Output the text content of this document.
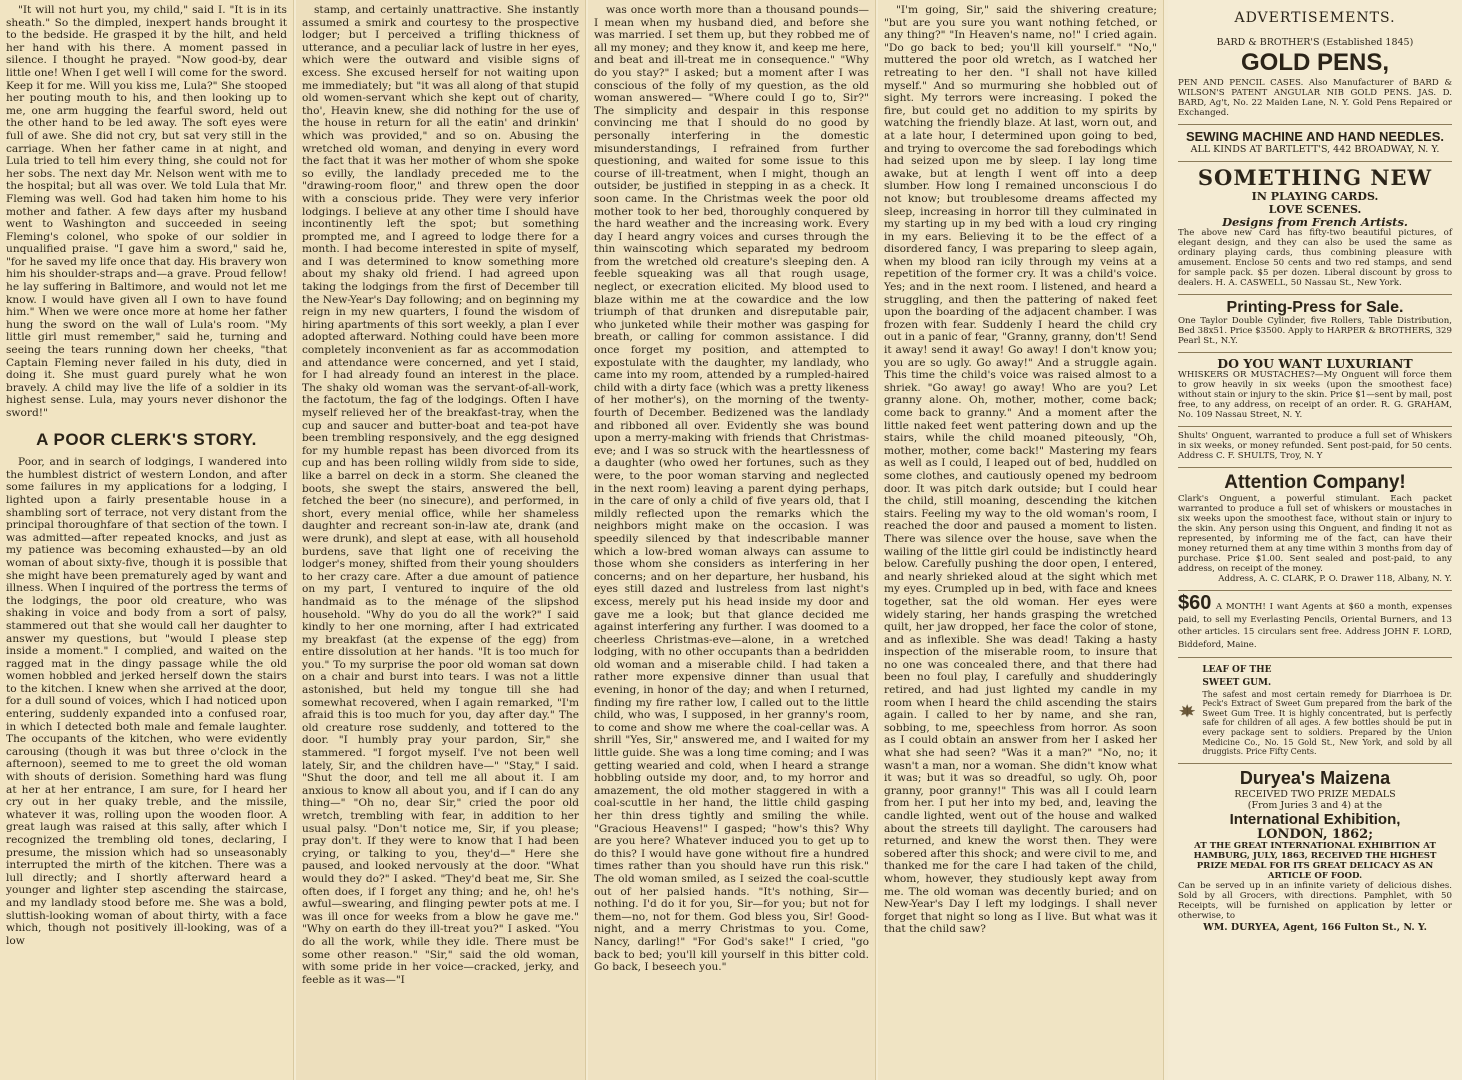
"It will not hurt you, my child," said I. "It is in its sheath." So the dimpled, inexpert hands brought it to the bedside. He grasped it by the hilt, and held her hand with his there. A moment passed in silence. I thought he prayed. "Now good-by, dear little one! When I get well I will come for the sword. Keep it for me. Will you kiss me, Lula?" She stooped her pouting mouth to his, and then looking up to me, one arm hugging the fearful sword, held out the other hand to be led away. The soft eyes were full of awe. She did not cry, but sat very still in the carriage. When her father came in at night, and Lula tried to tell him every thing, she could not for her sobs. The next day Mr. Nelson went with me to the hospital; but all was over. We told Lula that Mr. Fleming was well. God had taken him home to his mother and father. A few days after my husband went to Washington and succeeded in seeing Fleming's colonel, who spoke of our soldier in unqualified praise. "I gave him a sword," said he, "for he saved my life once that day. His bravery won him his shoulder-straps and—a grave. Proud fellow! he lay suffering in Baltimore, and would not let me know. I would have given all I own to have found him." When we were once more at home her father hung the sword on the wall of Lula's room. "My little girl must remember," said he, turning and seeing the tears running down her cheeks, "that Captain Fleming never failed in his duty, died in doing it. She must guard purely what he won bravely. A child may live the life of a soldier in its highest sense. Lula, may yours never dishonor the sword!"

A POOR CLERK'S STORY.

Poor, and in search of lodgings, I wandered into the humblest district of western London, and after some failures in my applications for a lodging, I lighted upon a fairly presentable house in a shambling sort of terrace, not very distant from the principal thoroughfare of that section of the town. I was admitted—after repeated knocks, and just as my patience was becoming exhausted—by an old woman of about sixty-five, though it is possible that she might have been prematurely aged by want and illness. When I inquired of the portress the terms of the lodgings, the poor old creature, who was shaking in voice and body from a sort of palsy, stammered out that she would call her daughter to answer my questions, but "would I please step inside a moment." I complied, and waited on the ragged mat in the dingy passage while the old women hobbled and jerked herself down the stairs to the kitchen. I knew when she arrived at the door, for a dull sound of voices, which I had noticed upon entering, suddenly expanded into a confused roar, in which I detected both male and female laughter. The occupants of the kitchen, who were evidently carousing (though it was but three o'clock in the afternoon), seemed to me to greet the old woman with shouts of derision. Something hard was flung at her at her entrance, I am sure, for I heard her cry out in her quaky treble, and the missile, whatever it was, rolling upon the wooden floor. A great laugh was raised at this sally, after which I recognized the trembling old tones, declaring, I presume, the mission which had so unseasonably interrupted the mirth of the kitchen. There was a lull directly; and I shortly afterward heard a younger and lighter step ascending the staircase, and my landlady stood before me. She was a bold, sluttish-looking woman of about thirty, with a face which, though not positively ill-looking, was of a low

stamp, and certainly unattractive. She instantly assumed a smirk and courtesy to the prospective lodger; but I perceived a trifling thickness of utterance, and a peculiar lack of lustre in her eyes, which were the outward and visible signs of excess. She excused herself for not waiting upon me immediately; but "it was all along of that stupid old women-servant which she kept out of charity, tho', Heavin knew, she did nothing for the use of the house in return for all the eatin' and drinkin' which was provided," and so on. Abusing the wretched old woman, and denying in every word the fact that it was her mother of whom she spoke so evilly, the landlady preceded me to the "drawing-room floor," and threw open the door with a conscious pride. They were very inferior lodgings. I believe at any other time I should have incontinently left the spot; but something prompted me, and I agreed to lodge there for a month. I had become interested in spite of myself, and I was determined to know something more about my shaky old friend. I had agreed upon taking the lodgings from the first of December till the New-Year's Day following; and on beginning my reign in my new quarters, I found the wisdom of hiring apartments of this sort weekly, a plan I ever adopted afterward. Nothing could have been more completely inconvenient as far as accommodation and attendance were concerned, and yet I staid, for I had already found an interest in the place. The shaky old woman was the servant-of-all-work, the factotum, the fag of the lodgings. Often I have myself relieved her of the breakfast-tray, when the cup and saucer and butter-boat and tea-pot have been trembling responsively, and the egg designed for my humble repast has been divorced from its cup and has been rolling wildly from side to side, like a barrel on deck in a storm. She cleaned the boots, she swept the stairs, answered the bell, fetched the beer (no sinecure), and performed, in short, every menial office, while her shameless daughter and recreant son-in-law ate, drank (and were drunk), and slept at ease, with all household burdens, save that light one of receiving the lodger's money, shifted from their young shoulders to her crazy care. After a due amount of patience on my part, I ventured to inquire of the old handmaid as to the ménage of the slipshod household. "Why do you do all the work?" I said kindly to her one morning, after I had extricated my breakfast (at the expense of the egg) from entire dissolution at her hands. "It is too much for you." To my surprise the poor old woman sat down on a chair and burst into tears. I was not a little astonished, but held my tongue till she had somewhat recovered, when I again remarked, "I'm afraid this is too much for you, day after day." The old creature rose suddenly, and tottered to the door. "I humbly pray your pardon, Sir," she stammered. "I forgot myself. I've not been well lately, Sir, and the children have—" "Stay," I said. "Shut the door, and tell me all about it. I am anxious to know all about you, and if I can do any thing—" "Oh no, dear Sir," cried the poor old wretch, trembling with fear, in addition to her usual palsy. "Don't notice me, Sir, if you please; pray don't. If they were to know that I had been crying, or talking to you, they'd—" Here she paused, and looked nervously at the door. "What would they do?" I asked. "They'd beat me, Sir. She often does, if I forget any thing; and he, oh! he's awful—swearing, and flinging pewter pots at me. I was ill once for weeks from a blow he gave me." "Why on earth do they ill-treat you?" I asked. "You do all the work, while they idle. There must be some other reason." "Sir," said the old woman, with some pride in her voice—cracked, jerky, and feeble as it was—"I

was once worth more than a thousand pounds—I mean when my husband died, and before she was married. I set them up, but they robbed me of all my money; and they know it, and keep me here, and beat and ill-treat me in consequence." "Why do you stay?" I asked; but a moment after I was conscious of the folly of my question, as the old woman answered— "Where could I go to, Sir?" The simplicity and despair in this response convincing me that I should do no good by personally interfering in the domestic misunderstandings, I refrained from further questioning, and waited for some issue to this course of ill-treatment, when I might, though an outsider, be justified in stepping in as a check. It soon came. In the Christmas week the poor old mother took to her bed, thoroughly conquered by the hard weather and the increasing work. Every day I heard angry voices and curses through the thin wainscoting which separated my bedroom from the wretched old creature's sleeping den. A feeble squeaking was all that rough usage, neglect, or execration elicited. My blood used to blaze within me at the cowardice and the low triumph of that drunken and disreputable pair, who junketed while their mother was gasping for breath, or calling for common assistance. I did once forget my position, and attempted to expostulate with the daughter, my landlady, who came into my room, attended by a rumpled-haired child with a dirty face (which was a pretty likeness of her mother's), on the morning of the twenty-fourth of December. Bedizened was the landlady and ribboned all over. Evidently she was bound upon a merry-making with friends that Christmas-eve; and I was so struck with the heartlessness of a daughter (who owed her fortunes, such as they were, to the poor woman starving and neglected in the next room) leaving a parent dying perhaps, in the care of only a child of five years old, that I mildly reflected upon the remarks which the neighbors might make on the occasion. I was speedily silenced by that indescribable manner which a low-bred woman always can assume to those whom she considers as interfering in her concerns; and on her departure, her husband, his eyes still dazed and lustreless from last night's excess, merely put his head inside my door and gave me a look; but that glance decided me against interfering any further. I was doomed to a cheerless Christmas-eve—alone, in a wretched lodging, with no other occupants than a bedridden old woman and a miserable child. I had taken a rather more expensive dinner than usual that evening, in honor of the day; and when I returned, finding my fire rather low, I called out to the little child, who was, I supposed, in her granny's room, to come and show me where the coal-cellar was. A shrill "Yes, Sir," answered me, and I waited for my little guide. She was a long time coming; and I was getting wearied and cold, when I heard a strange hobbling outside my door, and, to my horror and amazement, the old mother staggered in with a coal-scuttle in her hand, the little child gasping her thin dress tightly and smiling the while. "Gracious Heavens!" I gasped; "how's this? Why are you here? Whatever induced you to get up to do this? I would have gone without fire a hundred times rather than you should have run this risk." The old woman smiled, as I seized the coal-scuttle out of her palsied hands. "It's nothing, Sir—nothing. I'd do it for you, Sir—for you; but not for them—no, not for them. God bless you, Sir! Good-night, and a merry Christmas to you. Come, Nancy, darling!" "For God's sake!" I cried, "go back to bed; you'll kill yourself in this bitter cold. Go back, I beseech you."

"I'm going, Sir," said the shivering creature; "but are you sure you want nothing fetched, or any thing?" "In Heaven's name, no!" I cried again. "Do go back to bed; you'll kill yourself." "No," muttered the poor old wretch, as I watched her retreating to her den. "I shall not have killed myself." And so murmuring she hobbled out of sight. My terrors were increasing. I poked the fire, but could get no addition to my spirits by watching the friendly blaze. At last, worn out, and at a late hour, I determined upon going to bed, and trying to overcome the sad forebodings which had seized upon me by sleep. I lay long time awake, but at length I went off into a deep slumber. How long I remained unconscious I do not know; but troublesome dreams affected my sleep, increasing in horror till they culminated in my starting up in my bed with a loud cry ringing in my ears. Believing it to be the effect of a disordered fancy, I was preparing to sleep again, when my blood ran icily through my veins at a repetition of the former cry. It was a child's voice. Yes; and in the next room. I listened, and heard a struggling, and then the pattering of naked feet upon the boarding of the adjacent chamber. I was frozen with fear. Suddenly I heard the child cry out in a panic of fear, "Granny, granny, don't! Send it away! send it away! Go away! I don't know you; you are so ugly. Go away!" And a struggle again. This time the child's voice was raised almost to a shriek. "Go away! go away! Who are you? Let granny alone. Oh, mother, mother, come back; come back to granny." And a moment after the little naked feet went pattering down and up the stairs, while the child moaned piteously, "Oh, mother, mother, come back!" Mastering my fears as well as I could, I leaped out of bed, huddled on some clothes, and cautiously opened my bedroom door. It was pitch dark outside; but I could hear the child, still moaning, descending the kitchen stairs. Feeling my way to the old woman's room, I reached the door and paused a moment to listen. There was silence over the house, save when the wailing of the little girl could be indistinctly heard below. Carefully pushing the door open, I entered, and nearly shrieked aloud at the sight which met my eyes. Crumpled up in bed, with face and knees together, sat the old woman. Her eyes were widely staring, her hands grasping the wretched quilt, her jaw dropped, her face the color of stone, and as inflexible. She was dead! Taking a hasty inspection of the miserable room, to insure that no one was concealed there, and that there had been no foul play, I carefully and shudderingly retired, and had just lighted my candle in my room when I heard the child ascending the stairs again. I called to her by name, and she ran, sobbing, to me, speechless from horror. As soon as I could obtain an answer from her I asked her what she had seen? "Was it a man?" "No, no; it wasn't a man, nor a woman. She didn't know what it was; but it was so dreadful, so ugly. Oh, poor granny, poor granny!" This was all I could learn from her. I put her into my bed, and, leaving the candle lighted, went out of the house and walked about the streets till daylight. The carousers had returned, and knew the worst then. They were sobered after this shock; and were civil to me, and thanked me for the care I had taken of the child, whom, however, they studiously kept away from me. The old woman was decently buried; and on New-Year's Day I left my lodgings. I shall never forget that night so long as I live. But what was it that the child saw?

ADVERTISEMENTS.
BARD & BROTHER'S (Established 1845)
GOLD PENS,
PEN AND PENCIL CASES. Also Manufacturer of BARD & WILSON'S PATENT ANGULAR NIB GOLD PENS. JAS. D. BARD, Ag't, No. 22 Maiden Lane, N. Y. Gold Pens Repaired or Exchanged.
SEWING MACHINE AND HAND NEEDLES.
ALL KINDS AT BARTLETT'S, 442 BROADWAY, N. Y.
SOMETHING NEW
IN PLAYING CARDS.
LOVE SCENES.
Designs from French Artists.
The above new Card has fifty-two beautiful pictures, of elegant design, and they can also be used the same as ordinary playing cards, thus combining pleasure with amusement. Enclose 50 cents and two red stamps, and send for sample pack. $5 per dozen. Liberal discount by gross to dealers. H. A. CASWELL, 50 Nassau St., New York.
Printing-Press for Sale.
One Taylor Double Cylinder, five Rollers, Table Distribution, Bed 38x51. Price $3500. Apply to HARPER & BROTHERS, 329 Pearl St., N.Y.
DO YOU WANT LUXURIANT
WHISKERS OR MUSTACHES?—My Onguent will force them to grow heavily in six weeks (upon the smoothest face) without stain or injury to the skin. Price $1—sent by mail, post free, to any address, on receipt of an order. R. G. GRAHAM, No. 109 Nassau Street, N. Y.
Shults' Onguent, warranted to produce a full set of Whiskers in six weeks, or money refunded. Sent post-paid, for 50 cents. Address C. F. SHULTS, Troy, N. Y
Attention Company!
Clark's Onguent, a powerful stimulant. Each packet warranted to produce a full set of whiskers or moustaches in six weeks upon the smoothest face, without stain or injury to the skin. Any person using this Onguent, and finding it not as represented, by informing me of the fact, can have their money returned them at any time within 3 months from day of purchase. Price $1.00. Sent sealed and post-paid, to any address, on receipt of the money.
Address, A. C. CLARK, P. O. Drawer 118, Albany, N. Y.
$60 A MONTH! I want Agents at $60 a month, expenses paid, to sell my Everlasting Pencils, Oriental Burners, and 13 other articles. 15 circulars sent free. Address JOHN F. LORD, Biddeford, Maine.
LEAF OF THE
SWEET GUM.
The safest and most certain remedy for Diarrhoea is Dr. Peck's Extract of Sweet Gum prepared from the bark of the Sweet Gum Tree. It is highly concentrated, but is perfectly safe for children of all ages. A few bottles should be put in every package sent to soldiers. Prepared by the Union Medicine Co., No. 15 Gold St., New York, and sold by all druggists. Price Fifty Cents.
Duryea's Maizena
RECEIVED TWO PRIZE MEDALS
(From Juries 3 and 4) at the
International Exhibition,
LONDON, 1862;
AT THE GREAT INTERNATIONAL EXHIBITION AT HAMBURG, JULY, 1863, RECEIVED THE HIGHEST PRIZE MEDAL FOR ITS GREAT DELICACY AS AN ARTICLE OF FOOD.
Can be served up in an infinite variety of delicious dishes. Sold by all Grocers, with directions. Pamphlet, with 50 Receipts, will be furnished on application by letter or otherwise, to
WM. DURYEA, Agent, 166 Fulton St., N. Y.
